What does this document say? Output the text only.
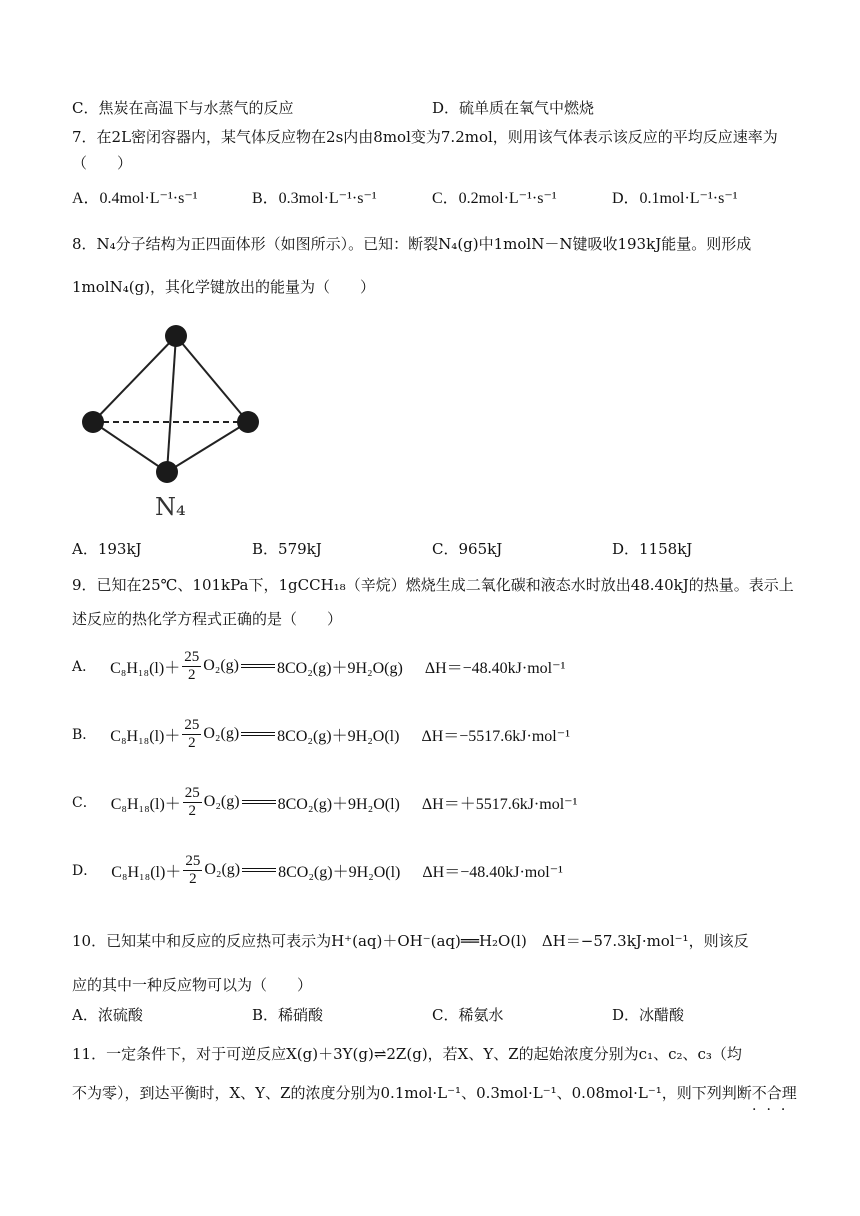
C．焦炭在高温下与水蒸气的反应	D．硫单质在氧气中燃烧
7．在2L密闭容器内，某气体反应物在2s内由8mol变为7.2mol，则用该气体表示该反应的平均反应速率为
（　　）
A．0.4mol·L⁻¹·s⁻¹	B．0.3mol·L⁻¹·s⁻¹	C．0.2mol·L⁻¹·s⁻¹	D．0.1mol·L⁻¹·s⁻¹
8．N₄分子结构为正四面体形（如图所示）。已知：断裂N₄(g)中1molN－N键吸收193kJ能量。则形成
1molN₄(g)，其化学键放出的能量为（　　）
N₄
A．193kJ	B．579kJ	C．965kJ	D．1158kJ
9．已知在25℃、101kPa下，1gCCH₁₈（辛烷）燃烧生成二氧化碳和液态水时放出48.40kJ的热量。表示上
述反应的热化学方程式正确的是（　　）
A． $C_8H_{18}(l)+ \frac{25}{2} O_2(g)$ 8CO₂(g)＋9H₂O(g) ΔH＝−48.40kJ·mol⁻¹
B． $C_8H_{18}(l)+ \frac{25}{2} O_2(g)$ 8CO₂(g)＋9H₂O(l) ΔH＝−5517.6kJ·mol⁻¹
C． $C_8H_{18}(l)+ \frac{25}{2} O_2(g)$ 8CO₂(g)＋9H₂O(l) ΔH＝＋5517.6kJ·mol⁻¹
D． $C_8H_{18}(l)+ \frac{25}{2} O_2(g)$ 8CO₂(g)＋9H₂O(l) ΔH＝−48.40kJ·mol⁻¹
10．已知某中和反应的反应热可表示为H⁺(aq)＋OH⁻(aq)══H₂O(l)　ΔH＝−57.3kJ·mol⁻¹，则该反
应的其中一种反应物可以为（　　）
A．浓硫酸	B．稀硝酸	C．稀氨水	D．冰醋酸
11．一定条件下，对于可逆反应X(g)＋3Y(g)⇌2Z(g)，若X、Y、Z的起始浓度分别为c₁、c₂、c₃（均
不为零），到达平衡时，X、Y、Z的浓度分别为0.1mol·L⁻¹、0.3mol·L⁻¹、0.08mol·L⁻¹，则下列判断不合理
···
